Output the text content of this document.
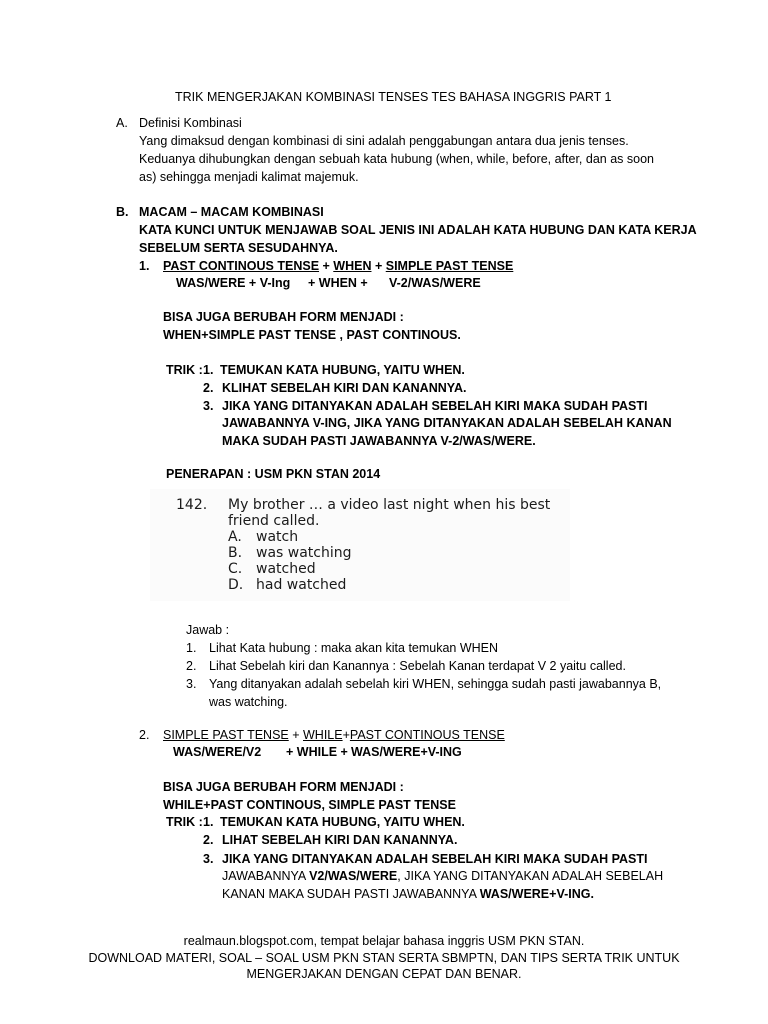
TRIK MENGERJAKAN KOMBINASI TENSES TES BAHASA INGGRIS PART 1
A. Definisi Kombinasi
Yang dimaksud dengan kombinasi di sini adalah penggabungan antara dua jenis tenses.
Keduanya dihubungkan dengan sebuah kata hubung (when, while, before, after, dan as soon
as) sehingga menjadi kalimat majemuk.
B. MACAM – MACAM KOMBINASI
KATA KUNCI UNTUK MENJAWAB SOAL JENIS INI ADALAH KATA HUBUNG DAN KATA KERJA
SEBELUM SERTA SESUDAHNYA.
1. PAST CONTINOUS TENSE + WHEN + SIMPLE PAST TENSE
WAS/WERE + V-Ing + WHEN + V-2/WAS/WERE
BISA JUGA BERUBAH FORM MENJADI :
WHEN+SIMPLE PAST TENSE , PAST CONTINOUS.
TRIK : 1. TEMUKAN KATA HUBUNG, YAITU WHEN.
2. KLIHAT SEBELAH KIRI DAN KANANNYA.
3. JIKA YANG DITANYAKAN ADALAH SEBELAH KIRI MAKA SUDAH PASTI
JAWABANNYA V-ING, JIKA YANG DITANYAKAN ADALAH SEBELAH KANAN
MAKA SUDAH PASTI JAWABANNYA V-2/WAS/WERE.
PENERAPAN : USM PKN STAN 2014
142. My brother … a video last night when his best
friend called.
A. watch
B. was watching
C. watched
D. had watched
Jawab :
1. Lihat Kata hubung : maka akan kita temukan WHEN
2. Lihat Sebelah kiri dan Kanannya : Sebelah Kanan terdapat V 2 yaitu called.
3. Yang ditanyakan adalah sebelah kiri WHEN, sehingga sudah pasti jawabannya B,
was watching.
2. SIMPLE PAST TENSE + WHILE+PAST CONTINOUS TENSE
WAS/WERE/V2 + WHILE + WAS/WERE+V-ING
BISA JUGA BERUBAH FORM MENJADI :
WHILE+PAST CONTINOUS, SIMPLE PAST TENSE
TRIK : 1. TEMUKAN KATA HUBUNG, YAITU WHEN.
2. LIHAT SEBELAH KIRI DAN KANANNYA.
3. JIKA YANG DITANYAKAN ADALAH SEBELAH KIRI MAKA SUDAH PASTI
JAWABANNYA V2/WAS/WERE, JIKA YANG DITANYAKAN ADALAH SEBELAH
KANAN MAKA SUDAH PASTI JAWABANNYA WAS/WERE+V-ING.
realmaun.blogspot.com, tempat belajar bahasa inggris USM PKN STAN.
DOWNLOAD MATERI, SOAL – SOAL USM PKN STAN SERTA SBMPTN, DAN TIPS SERTA TRIK UNTUK
MENGERJAKAN DENGAN CEPAT DAN BENAR.
